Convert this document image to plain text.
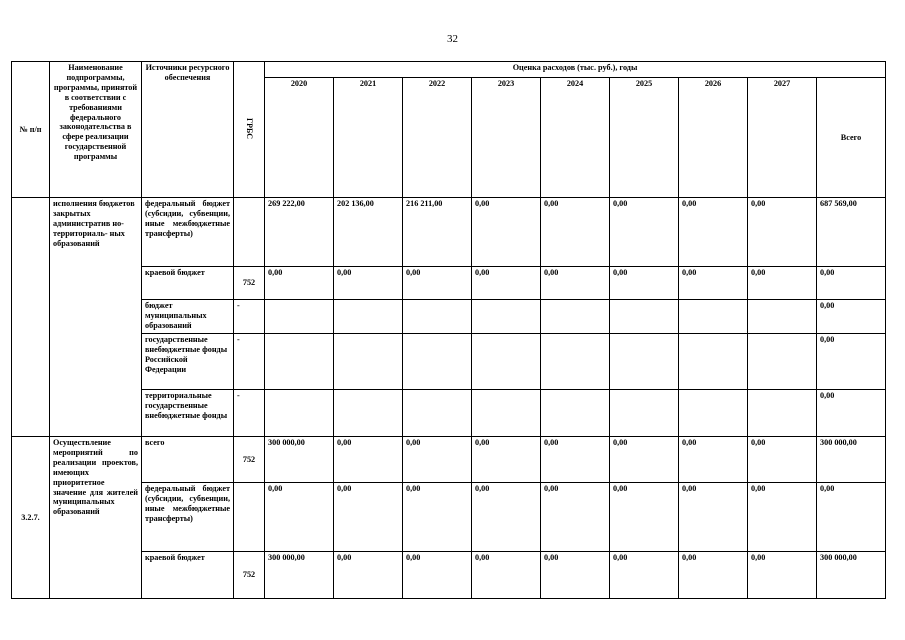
32
№ п/п	Наименование подпрограммы, программы, принятой в соответствии с требованиями федерального законодательства в сфере реализации государственной программы	Источники ресурсного обеспечения	ГРБС	Оценка расходов (тыс. руб.), годы								
				2020	2021	2022	2023	2024	2025	2026	2027	Всего
	исполнения бюджетов закрытых административ но-территориаль- ных образований	федеральный бюджет (субсидии, субвенции, иные межбюджетные трансферты)		269 222,00	202 136,00	216 211,00	0,00	0,00	0,00	0,00	0,00	687 569,00
		краевой бюджет	752	0,00	0,00	0,00	0,00	0,00	0,00	0,00	0,00	0,00
		бюджет муниципальных образований	-									0,00
		государственные внебюджетные фонды Российской Федерации	-									0,00
		территориальные государственные внебюджетные фонды	-									0,00
3.2.7.	Осуществление мероприятий по реализации проектов, имеющих приоритетное значение для жителей муниципальных образований	всего	752	300 000,00	0,00	0,00	0,00	0,00	0,00	0,00	0,00	300 000,00
		федеральный бюджет (субсидии, субвенции, иные межбюджетные трансферты)		0,00	0,00	0,00	0,00	0,00	0,00	0,00	0,00	0,00
		краевой бюджет	752	300 000,00	0,00	0,00	0,00	0,00	0,00	0,00	0,00	300 000,00
